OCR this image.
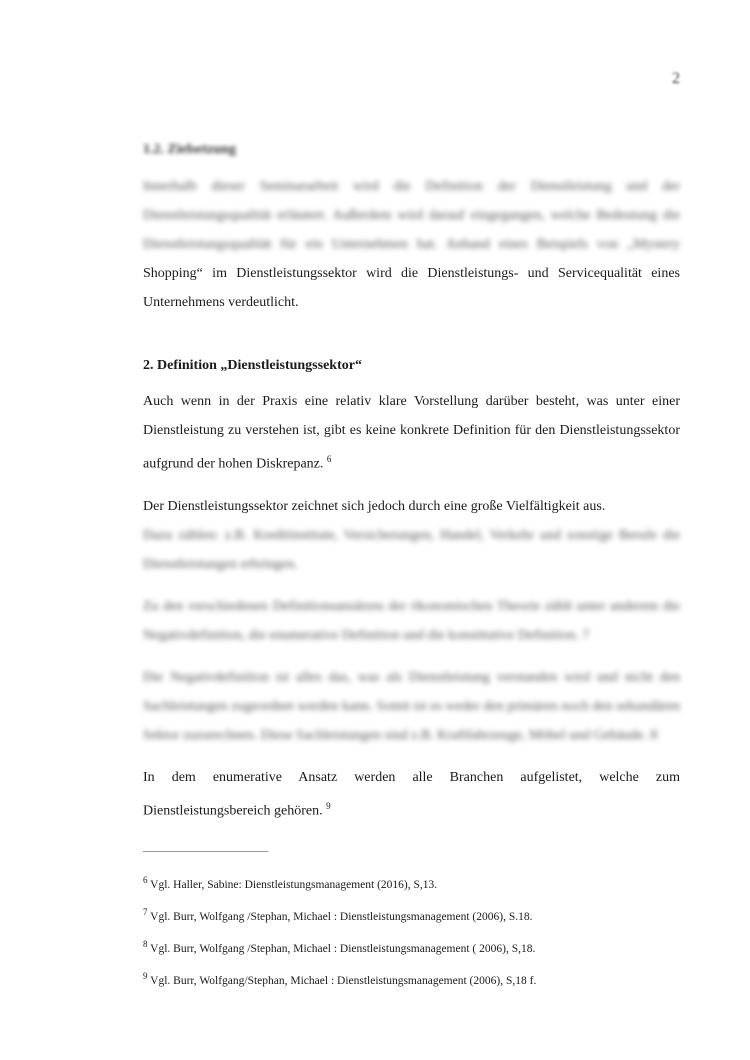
2
1.2. Zielsetzung

Innerhalb dieser Seminararbeit wird die Definition der Dienstleistung und der Dienstleistungsqualität erläutert. Außerdem wird darauf eingegangen, welche Bedeutung die Dienstleistungsqualität für ein Unternehmen hat. Anhand eines Beispiels von „Mystery Shopping“ im Dienstleistungssektor wird die Dienstleistungs- und Servicequalität eines Unternehmens verdeutlicht.

2. Definition „Dienstleistungssektor“

Auch wenn in der Praxis eine relativ klare Vorstellung darüber besteht, was unter einer Dienstleistung zu verstehen ist, gibt es keine konkrete Definition für den Dienstleistungssektor aufgrund der hohen Diskrepanz. $^6$

Der Dienstleistungssektor zeichnet sich jedoch durch eine große Vielfältigkeit aus.
Dazu zählen: z.B. Kreditinstitute, Versicherungen, Handel, Verkehr und sonstige Berufe die Dienstleistungen erbringen.

Zu den verschiedenen Definitionsansätzen der ökonomischen Theorie zählt unter anderem die Negativdefinition, die enumerative Definition und die konstitutive Definition. 7

Die Negativdefinition ist alles das, was als Dienstleistung verstanden wird und nicht den Sachleistungen zugeordnet werden kann. Somit ist es weder den primären noch den sekundären Sektor zuzurechnen. Diese Sachleistungen sind z.B. Kraftfahrzeuge, Möbel und Gebäude. 8

In dem enumerative Ansatz werden alle Branchen aufgelistet, welche zum Dienstleistungsbereich gehören. $^9$

$^6$ Vgl. Haller, Sabine: Dienstleistungsmanagement (2016), S,13.

$^7$ Vgl. Burr, Wolfgang /Stephan, Michael : Dienstleistungsmanagement (2006), S.18.

$^8$ Vgl. Burr, Wolfgang /Stephan, Michael : Dienstleistungsmanagement ( 2006), S,18.

$^9$ Vgl. Burr, Wolfgang/Stephan, Michael : Dienstleistungsmanagement (2006), S,18 f.
